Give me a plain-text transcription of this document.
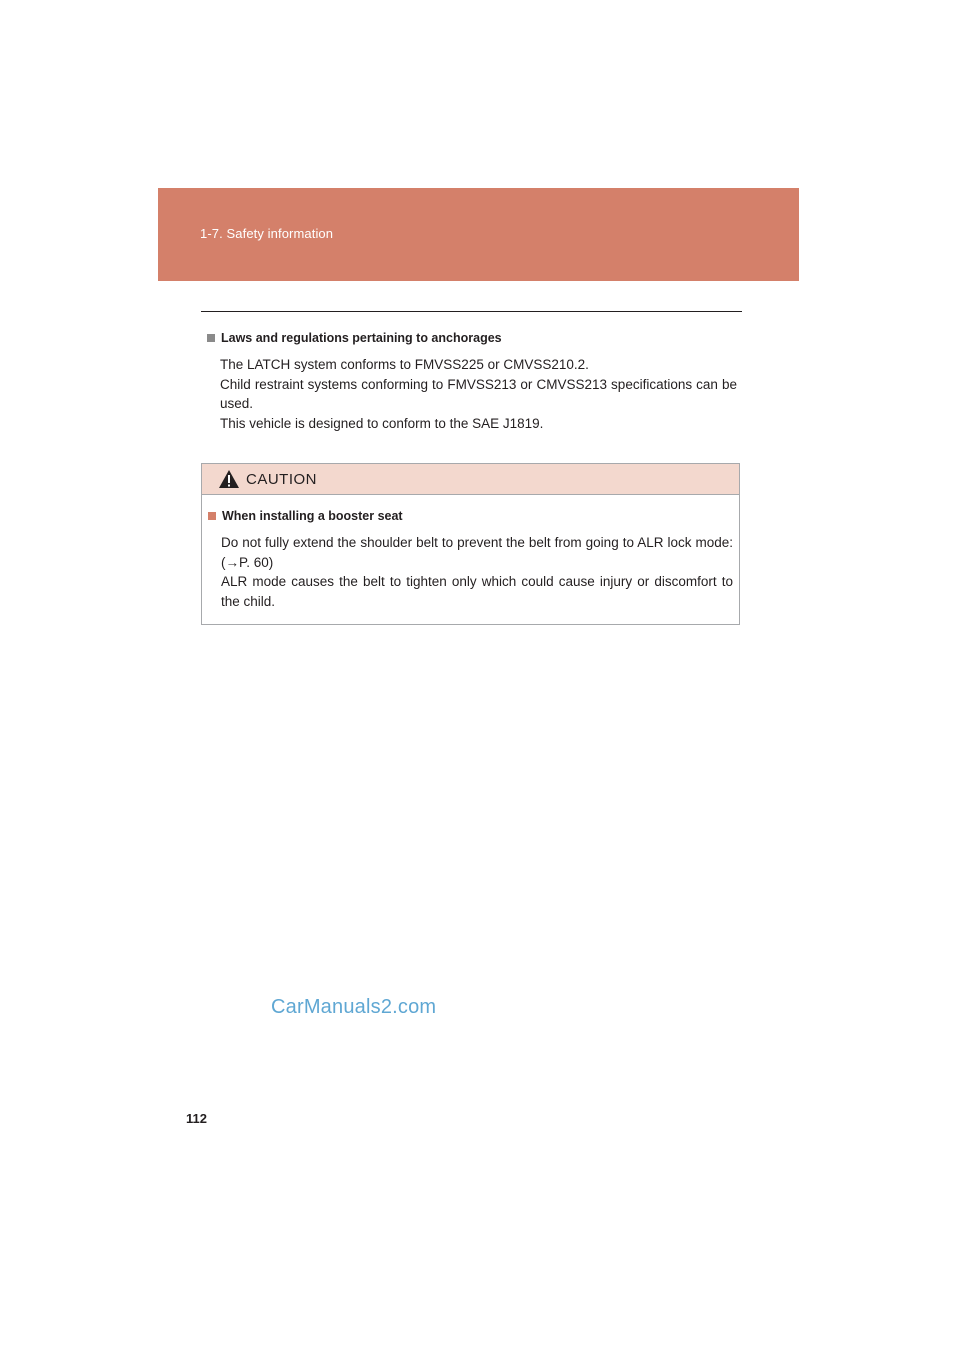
1-7. Safety information
Laws and regulations pertaining to anchorages

The LATCH system conforms to FMVSS225 or CMVSS210.2.

Child restraint systems conforming to FMVSS213 or CMVSS213 specifications can be used.

This vehicle is designed to conform to the SAE J1819.

CAUTION
When installing a booster seat

Do not fully extend the shoulder belt to prevent the belt from going to ALR lock mode: (→P. 60)

ALR mode causes the belt to tighten only which could cause injury or discomfort to the child.

CarManuals2.com
112
